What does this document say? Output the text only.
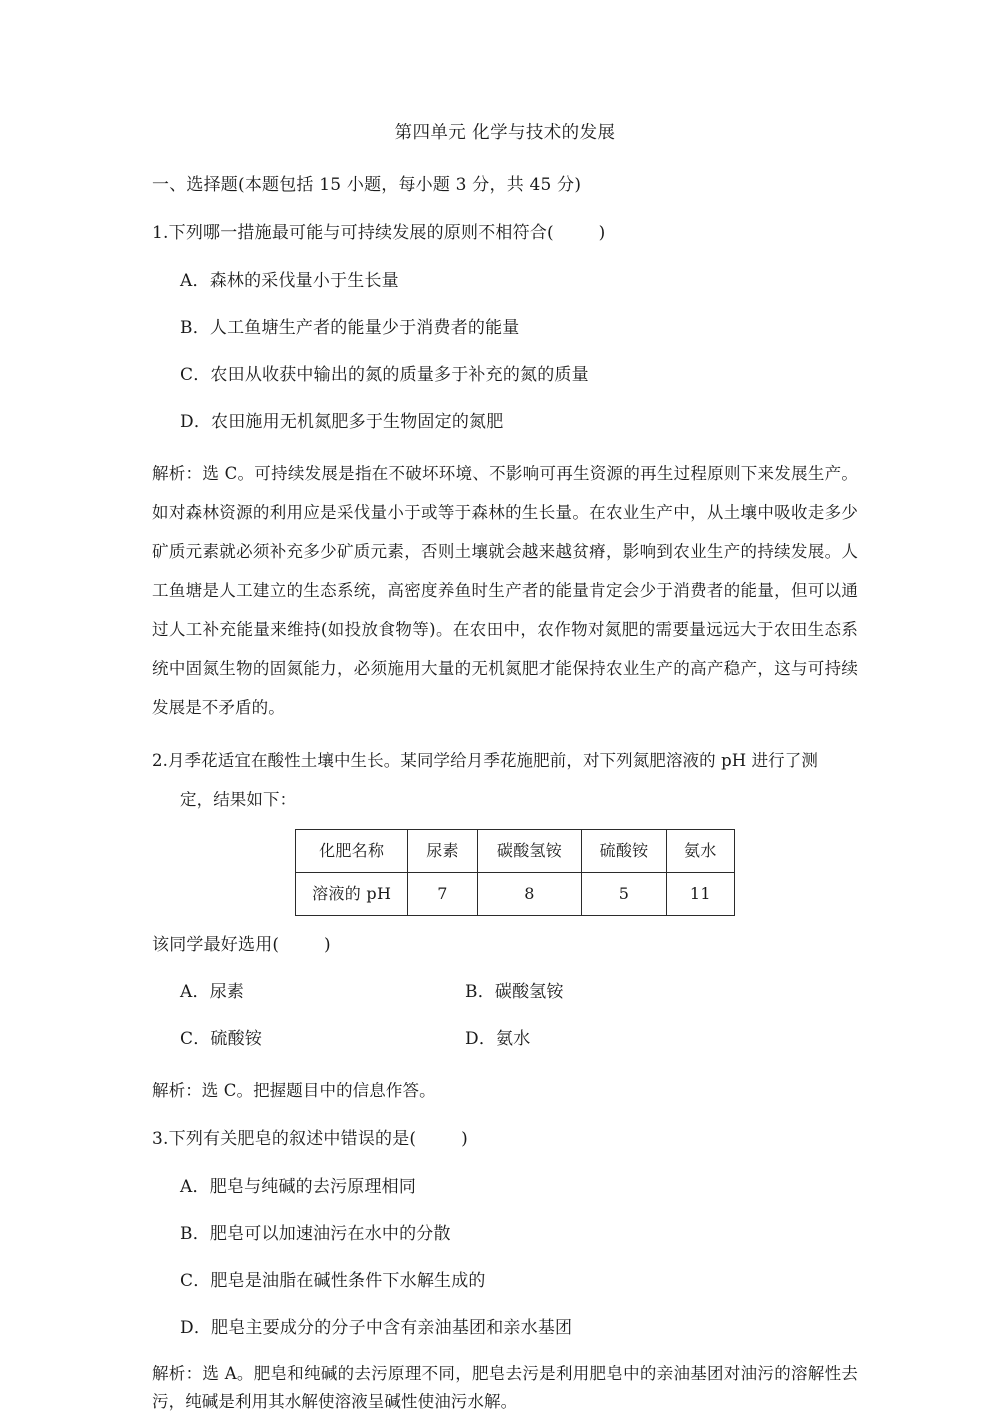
第四单元 化学与技术的发展
一、选择题(本题包括 15 小题，每小题 3 分，共 45 分)
1.下列哪一措施最可能与可持续发展的原则不相符合(        )
A．森林的采伐量小于生长量
B．人工鱼塘生产者的能量少于消费者的能量
C．农田从收获中输出的氮的质量多于补充的氮的质量
D．农田施用无机氮肥多于生物固定的氮肥
解析：选 C。可持续发展是指在不破坏环境、不影响可再生资源的再生过程原则下来发展生产。如对森林资源的利用应是采伐量小于或等于森林的生长量。在农业生产中，从土壤中吸收走多少矿质元素就必须补充多少矿质元素，否则土壤就会越来越贫瘠，影响到农业生产的持续发展。人工鱼塘是人工建立的生态系统，高密度养鱼时生产者的能量肯定会少于消费者的能量，但可以通过人工补充能量来维持(如投放食物等)。在农田中，农作物对氮肥的需要量远远大于农田生态系统中固氮生物的固氮能力，必须施用大量的无机氮肥才能保持农业生产的高产稳产，这与可持续发展是不矛盾的。
2.月季花适宜在酸性土壤中生长。某同学给月季花施肥前，对下列氮肥溶液的 pH 进行了测
定，结果如下：
化肥名称	尿素	碳酸氢铵	硫酸铵	氨水
溶液的 pH	7	8	5	11
该同学最好选用(        )
A．尿素	B．碳酸氢铵
C．硫酸铵	D．氨水
解析：选 C。把握题目中的信息作答。
3.下列有关肥皂的叙述中错误的是(        )
A．肥皂与纯碱的去污原理相同
B．肥皂可以加速油污在水中的分散
C．肥皂是油脂在碱性条件下水解生成的
D．肥皂主要成分的分子中含有亲油基团和亲水基团
解析：选 A。肥皂和纯碱的去污原理不同，肥皂去污是利用肥皂中的亲油基团对油污的溶解性去污，纯碱是利用其水解使溶液呈碱性使油污水解。
